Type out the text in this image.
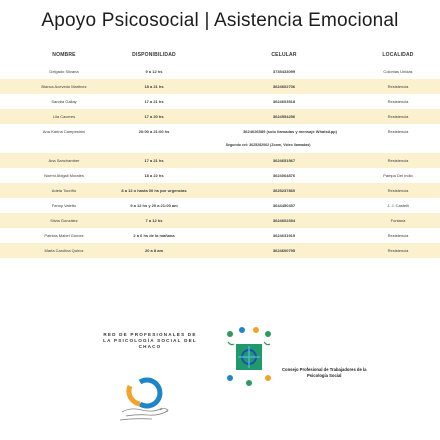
Apoyo Psicosocial | Asistencia Emocional
NOMBRE	DISPONIBILIDAD	CELULAR	LOCALIDAD
Delgado Silvana	9 a 12 hs	3735433099	Colonias Unidas
Blanca Acevedo Martinez	18 a 21 hs	3624602706	Resistencia
Sandra Gallay	17 a 21 hs	3624603518	Resistencia
Lila Caceres	17 a 20 hs	3624554256	Resistencia
Ana Karina Campestrini	20:00 a 21:00 hs	3624026589 (solo llamadas y mensaje WhatsApp)	Resistencia
Segundo cel: 3625282062 (Zoom, Video llamadas)
Ana Sanchamber	17 a 21 hs	3624651567	Resistencia
Noemi Abigail Morales	18 a 22 hs	3624064876	Pampa Del Indio
Adela Touriño	8 a 12 o hasta 00 hs por urgencias	3625237860	Resistencia
Fanny Valetto	9 a 12 hs y 20 a 21:00 am	3644450457	J. J. Castelli
Silvia González	7 a 12 hs	3624602394	Fontana
Patricia Mabel Gómez	2 a 6 hs de la mañana	3624631915	Resistencia
Maria Carolina Quiroz	20 a 8 am	3624600795	Resistencia
RED DE PROFESIONALES DE LA PSICOLOGÍA SOCIAL DEL CHACO
Consejo Profesional de Trabajadores de la
Psicología Social
